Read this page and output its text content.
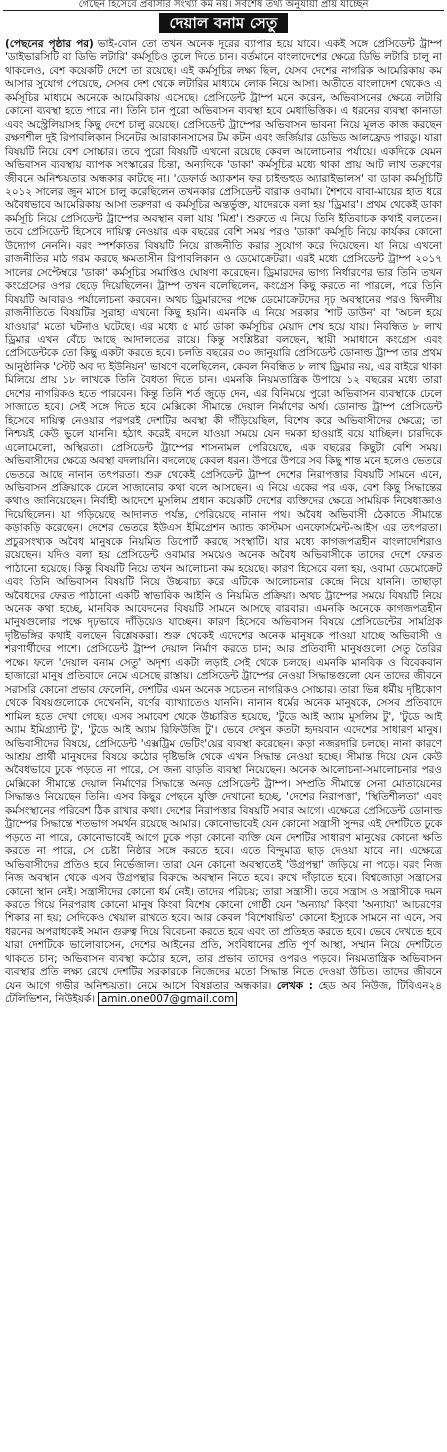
গেছেন হিসেবে প্রবাসীর সংখ্যা কম নয়। সর্বশেষ তথ্য অনুযায়ী প্রায় যাচ্ছেন
দেয়াল বনাম সেতু

(পেছনের পৃষ্ঠার পর) ভাই-বোন তো তখন অনেক দূরের ব্যাপার হয়ে যাবে। একই সঙ্গে প্রেসিডেন্ট ট্রাম্প 'ডাইভারসিটি বা ডিভি লটারি' কর্মসূচিও তুলে দিতে চান। বর্তমানে বাংলাদেশের ক্ষেত্রে ডিভি লটারি চালু না থাকলেও, বেশ কয়েকটি দেশে তা রয়েছে। এই কর্মসূচির লক্ষ্য ছিল, যেসব দেশের নাগরিক আমেরিকায় কম আসার সুযোগ পেয়েছে, সেসব দেশ থেকে লটারির মাধ্যমে লোক নিয়ে আসা। অতীতে বাংলাদেশ থেকেও এ কর্মসূচির মাধ্যমে অনেকে আমেরিকায় এসেছে। প্রেসিডেন্ট ট্রাম্প মনে করেন, অভিবাসনের ক্ষেত্রে লটারি কোনো ব্যবস্থা হতে পারে না। তিনি চান পুরো অভিবাসন ব্যবস্থা হবে মেধাভিত্তিক। এ ধরনের ব্যবস্থা কানাডা এবং অস্ট্রেলিয়াসহ কিছু দেশে চালু রয়েছে। প্রেসিডেন্ট ট্রাম্পের অভিবাসন ভাবনা নিয়ে মূলত কাজ করছেন রক্ষণশীল দুই রিপাবলিকান সিনেটর আরাকানসাসের টম কটন এবং জর্জিয়ার ডেভিড আলফ্রেড পারডু। যারা বিষয়টি নিয়ে বেশ সোচ্চার। তবে পুরো বিষয়টি এখনো রয়েছে কেবল আলোচনার পর্যায়ে। একদিকে যেমন অভিবাসন ব্যবস্থায় ব্যাপক সংস্কারের চিন্তা, অন্যদিকে 'ডাকা' কর্মসূচির মধ্যে থাকা প্রায় আট লাখ তরুণের জীবনে অনিশ্চয়তার অন্ধকার কাটছে না। 'ডেফার্ড অ্যাকশন ফর চাইল্ডহুড অ্যারাইভালস' বা ডাকা কর্মসূচিটি ২০১২ সালের জুন মাসে চালু করেছিলেন তখনকার প্রেসিডেন্ট বারাক ওবামা। শৈশবে বাবা-মায়ের হাত ধরে অবৈধভাবে আমেরিকায় আসা তরুণরা এ কর্মসূচির অন্তর্ভুক্ত, যাদেরকে বলা হয় 'ড্রিমার'। প্রথম থেকেই ডাকা কর্মসূচি নিয়ে প্রেসিডেন্ট ট্রাম্পের অবস্থান বলা যায় 'মিশ্র'। শুরুতে এ নিয়ে তিনি ইতিবাচক কথাই বলতেন। তবে প্রেসিডেন্ট হিসেবে দায়িত্ব নেওয়ার এক বছরের বেশি সময় পরও 'ডাকা' কর্মসূচি নিয়ে কার্যকর কোনো উদ্যোগ নেননি। বরং স্পর্শকাতর বিষয়টি নিয়ে রাজনীতি করার সুযোগ করে দিয়েছেন। যা নিয়ে এখনো রাজনীতির মাঠ গরম করছে ক্ষমতাসীন রিপাবলিকান ও ডেমোক্রেটরা। এরই মধ্যে প্রেসিডেন্ট ট্রাম্প ২০১৭ সালের সেপ্টেম্বরে 'ডাকা' কর্মসূচির সমাপ্তিও ঘোষণা করেছেন। ড্রিমারদের ভাগ্য নির্ধারণের ভার তিনি তখন কংগ্রেসের ওপর ছেড়ে দিয়েছিলেন। ট্রাম্প তখন বলেছিলেন, কংগ্রেস কিছু করতে না পারলে, পরে তিনি বিষয়টি আবারও পর্যালোচনা করবেন। অথচ ড্রিমারদের পক্ষে ডেমোক্রেটদের দৃঢ় অবস্থানের পরও দ্বিদলীয় রাজনীতিতে বিষয়টির সুরাহা এখনো কিছু হয়নি। এমনকি এ নিয়ে সরকার 'শাট ডাউন' বা 'অচল হয়ে যাওয়ার' মতো ঘটনাও ঘটেছে। এর মধ্যে ৫ মার্চ ডাকা কর্মসূচির মেয়াদ শেষ হয়ে যায়। নিবন্ধিত ৮ লাখ ড্রিমার এখন বেঁচে আছে আদালতের রায়ে। কিন্তু সংশ্লিষ্টরা বলছেন, স্থায়ী সমাধানে কংগ্রেস এবং প্রেসিডেন্টকে তো কিছু একটা করতে হবে। চলতি বছরের ৩০ জানুয়ারি প্রেসিডেন্ট ডোনাল্ড ট্রাম্প তার প্রথম আনুষ্ঠানিক 'স্টেট অব দ্য ইউনিয়ন' ভাষণে বলেছিলেন, কেবল নিবন্ধিত ৮ লাখ ড্রিমার নয়, এর বাইরে থাকা মিলিয়ে প্রায় ১৮ লাখকে তিনি বৈধতা দিতে চান। এমনকি নিয়মতান্ত্রিক উপায়ে ১২ বছরের মধ্যে তারা দেশের নাগরিকও হতে পারবেন। কিন্তু তিনি শর্ত জুড়ে দেন, এর বিনিময়ে পুরো অভিবাসন ব্যবস্থাকে ঢেলে সাজাতে হবে। সেই সঙ্গে দিতে হবে মেক্সিকো সীমান্তে দেয়াল নির্মাণের অর্থ। ডোনাল্ড ট্রাম্প প্রেসিডেন্ট হিসেবে দায়িত্ব নেওয়ার পরপরই দেশটির অবস্থা কী দাঁড়িয়েছিল, বিশেষ করে অভিবাসীদের ক্ষেত্রে; তা নিশ্চয়ই কেউ ভুলে যাননি। হঠাৎ করেই বদলে যাওয়া সময়ে যেন দমকা হাওয়াই বয়ে যাচ্ছিল। চারদিকে এলোমেলো, অস্থিরতা। প্রেসিডেন্ট ট্রাম্পের শাসনামল পেরিয়েছে, এক বছরের কিছুটা বেশি সময়। অভিবাসীদের ক্ষেত্রে অবস্থা বদলায়নি। বদলেছে কেবল ধরন। উপরে উপরে সব কিছু শান্ত মনে হলেও ভেতরে ভেতরে আছে নানান তৎপরতা। শুরু থেকেই প্রেসিডেন্ট ট্রাম্প দেশের নিরাপত্তার বিষয়টি সামনে এনে, অভিবাসন প্রক্রিয়াকে ঢেলে সাজানোর কথা বলে আসছেন। এ নিয়ে একের পর এক, বেশ কিছু সিদ্ধান্তের কথাও জানিয়েছেন। নির্বাহী আদেশে মুসলিম প্রধান কয়েকটি দেশের ব্যক্তিদের ক্ষেত্রে সাময়িক নিষেধাজ্ঞাও দিয়েছিলেন। যা গড়িয়েছে আদালত পর্যন্ত, পেরিয়েছে নানান পথ। অবৈধ অভিবাসী ঠেকাতে সীমান্তে কড়াকড়ি করেছেন। দেশের ভেতরে ইউএস ইমিগ্রেশন অ্যান্ড কাস্টমস এনফোর্সমেন্ট-আইস এর তৎপরতা। প্রচুরসংখ্যক অবৈধ মানুষকে নিয়মিত ডিপোর্ট করছে সংস্থাটি। যার মধ্যে কাগজপত্রহীন বাংলাদেশিরাও রয়েছেন। যদিও বলা হয় প্রেসিডেন্ট ওবামার সময়েও অনেক অবৈধ অভিবাসীকে তাদের দেশে ফেরত পাঠানো হয়েছে। কিন্তু বিষয়টি নিয়ে তখন আলোচনা কম হয়েছে। কারণ হিসেবে বলা হয়, ওবামা ডেমোক্রেট এবং তিনি অভিবাসন বিষয়টি নিয়ে উচ্চবাচ্য করে এটিকে আলোচনার কেন্দ্রে নিয়ে যাননি। তাছাড়া অবৈধদের ফেরত পাঠানো একটি স্বাভাবিক আইনি ও নিয়মিত প্রক্রিয়া। অথচ ট্রাম্পের সময়ে বিষয়টি নিয়ে অনেক কথা হচ্ছে, মানবিক আবেদনের বিষয়টি সামনে আসছে বারবার। এমনকি অনেকে কাগজপত্রহীন মানুষগুলোর পক্ষে দৃঢ়ভাবে দাঁড়িয়েও যাচ্ছেন। কারণ হিসেবে অভিবাসন বিষয়ে প্রেসিডেন্টের সামগ্রিক দৃষ্টিভঙ্গির কথাই বলছেন বিশ্লেষকরা। শুরু থেকেই এদেশের অনেক মানুষকে পাওয়া যাচ্ছে অভিবাসী ও শরণার্থীদের পাশে। প্রেসিডেন্ট ট্রাম্প দেয়াল নির্মাণ করতে চান; আর প্রতিবাদী মানুষগুলো সেতু তৈরির পক্ষে। ফলে 'দেয়াল বনাম সেতু' অদৃশ্য একটা লড়াই সেই থেকে চলছে। এমনকি মানবিক ও বিবেকবান হাজারো মানুষ প্রতিবাদে নেমে এসেছে রাস্তায়। প্রেসিডেন্ট ট্রাম্পের নেওয়া সিদ্ধান্তগুলো যেন তাদের জীবনে সরাসরি কোনো প্রভাব ফেলেনি, দেশটির এমন অনেক সচেতন নাগরিকও সোচ্চার। তারা ভিন্ন ধর্মীয় দৃষ্টিকোণ থেকে বিষয়গুলোকে দেখেননি, বর্ণের ব্যাখ্যাতেও যাননি। নানান ধর্মের অনেক মানুষকে, সেসব প্রতিবাদে শামিল হতে দেখা গেছে। এসব সমাবেশ থেকে উচ্চারিত হয়েছে, 'টুডে আই অ্যাম মুসলিম টু', 'টুডে আই অ্যাম ইমিগ্র্যান্ট টু', 'টুডে আই অ্যাম রিফিউজি টু'। ভেবে দেখুন কতটা হৃদয়বান এদেশের সাধারণ মানুষ। অভিবাসীদের বিষয়ে, প্রেসিডেন্ট 'এক্সট্রিম ভেটিং'য়ের ব্যবস্থা করেছেন। কড়া নজরদারি চলছে। নানা কারণে আশ্রয় প্রার্থী মানুষদের বিষয়ে কঠোর দৃষ্টিভঙ্গি থেকে এখন সিদ্ধান্ত নেওয়া হচ্ছে। সীমান্ত দিয়ে যেন কেউ অবৈধভাবে ঢুকে পড়তে না পারে, সে জন্য বাড়তি ব্যবস্থা নিয়েছেন। অনেক আলোচনা-সমালোচনার পরও মেক্সিকো সীমান্তে দেয়াল নির্মাণের সিদ্ধান্তে অনড় প্রেসিডেন্ট ট্রাম্প। সম্প্রতি সীমান্তে সেনা মোতায়েনের সিদ্ধান্তও নিয়েছেন তিনি। এসব কিছুর পেছনে যুক্তি দেখানো হচ্ছে, 'দেশের নিরাপত্তা', 'স্থিতিশীলতা' এবং কর্মসংস্থানের পরিবেশ ঠিক রাখার কথা। দেশের নিরাপত্তার বিষয়টি সবার আগে। এক্ষেত্রে প্রেসিডেন্ট ডোনাল্ড ট্রাম্পের সিদ্ধান্তে শতভাগ সমর্থন রয়েছে আমার। কোনোভাবেই যেন কোনো সন্ত্রাসী সুন্দর এই দেশটিতে ঢুকে পড়তে না পারে, কোনোভাবেই আগে ঢুকে পড়া কোনো ব্যক্তি যেন দেশটির সাধারণ মানুষের কোনো ক্ষতি করতে না পারে, সে চেষ্টা নিষ্ঠার সঙ্গে করতে হবে। এতে বিন্দুমাত্র ছাড় দেওয়া যাবে না। এক্ষেত্রে অভিবাসীদের প্রতিও হবে নির্ভেজাল। তারা যেন কোনো অবস্থাতেই 'উগ্রপন্থা' জড়িয়ে না পড়ে। বরং নিজ নিজ অবস্থান থেকে এসব উগ্রপন্থার বিরুদ্ধে অবস্থান নিতে হবে। রুখে দাঁড়াতে হবে। বিশ্বজোড়া সন্ত্রাসের কোনো স্থান নেই। সন্ত্রাসীদের কোনো ধর্ম নেই। তাদের পরিচয়; তারা সন্ত্রাসী। তবে সন্ত্রাস ও সন্ত্রাসীকে দমন করতে গিয়ে নিরপরাধ কোনো মানুষ কিংবা বিশেষ কোনো গোষ্ঠী যেন 'অন্যায়' কিংবা 'অন্যায্য' আচরণের শিকার না হয়; সেদিকেও খেয়াল রাখতে হবে। আর কেবল 'বিশেষায়িত' কোনো ইস্যুকে সামনে না এনে, সব ধরনের অপরাধকেই সমান গুরুত্ব দিয়ে বিবেচনা করতে হবে এবং তা প্রতিহত করতে হবে। ভেবে দেখতে হবে যারা দেশটিকে ভালোবাসেন, দেশের আইনের প্রতি, সংবিধানের প্রতি পূর্ণ আস্থা, সম্মান নিয়ে দেশটিতে থাকতে চান; অভিবাসন ব্যবস্থা কঠোর হলে, তার প্রভাব তাদের ওপরও পড়বে। নিয়মতান্ত্রিক অভিবাসন ব্যবস্থার প্রতি লক্ষ্য রেখে দেশটির সরকারকে নিজেদের মতো সিদ্ধান্ত নিতে দেওয়া উচিত। তাদের জীবনে যেন আগে গভীর অনিশ্চয়তা। নেমে আসে বিষণ্ণতার অন্ধকার। লেখক : হেড অব নিউজ, টিবিএন২৪ টেলিভিশন, নিউইয়র্ক। amin.one007@gmail.com
